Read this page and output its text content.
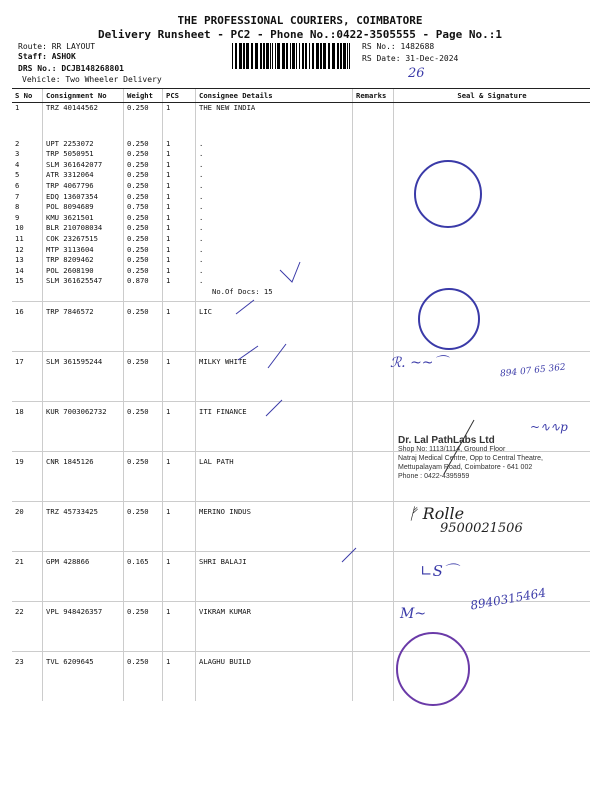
THE PROFESSIONAL COURIERS, COIMBATORE
Delivery Runsheet - PC2 - Phone No.:0422-3505555 - Page No.:1
Route: RR LAYOUT
Staff: ASHOK
DRS No.: DCJB148268801
Vehicle: Two Wheeler Delivery
RS No.: 1482688
RS Date: 31-Dec-2024
26
S No	Consignment No	Weight	PCS	Consignee Details	Remarks	Seal & Signature
1	TRZ 40144562	0.250	1	THE NEW INDIA		
2	UPT 2253072	0.250	1	.		
3	TRP 5050951	0.250	1	.		
4	SLM 361642077	0.250	1	.		
5	ATR 3312064	0.250	1	.		
6	TRP 4067796	0.250	1	.		
7	EDQ 13607354	0.250	1	.		
8	POL 8094689	0.750	1	.		
9	KMU 3621501	0.250	1	.		
10	BLR 210708034	0.250	1	.		
11	COK 23267515	0.250	1	.		
12	MTP 3113604	0.250	1	.		
13	TRP 8209462	0.250	1	.		
14	POL 2608190	0.250	1	.		
15	SLM 361625547	0.870	1	.		
				No.Of Docs: 15		
16	TRP 7846572	0.250	1	LIC		
17	SLM 361595244	0.250	1	MILKY WHITE		
18	KUR 7003062732	0.250	1	ITI FINANCE		
19	CNR 1845126	0.250	1	LAL PATH		
20	TRZ 45733425	0.250	1	MERINO INDUS		
21	GPM 428866	0.165	1	SHRI BALAJI		
22	VPL 948426357	0.250	1	VIKRAM KUMAR		
23	TVL 6209645	0.250	1	ALAGHU BUILD		
ℛ. ~~⌒	894 07 65 362
~∿∿p
Dr. Lal PathLabs Ltd
Shop No: 1113/1114, Ground Floor
Natraj Medical Centre, Opp to Central Theatre,
Mettupalayam Road, Coimbatore - 641 002
Phone : 0422-4395959
ᚠ Rolle
9500021506
∟S⌒
8940315464
M~
